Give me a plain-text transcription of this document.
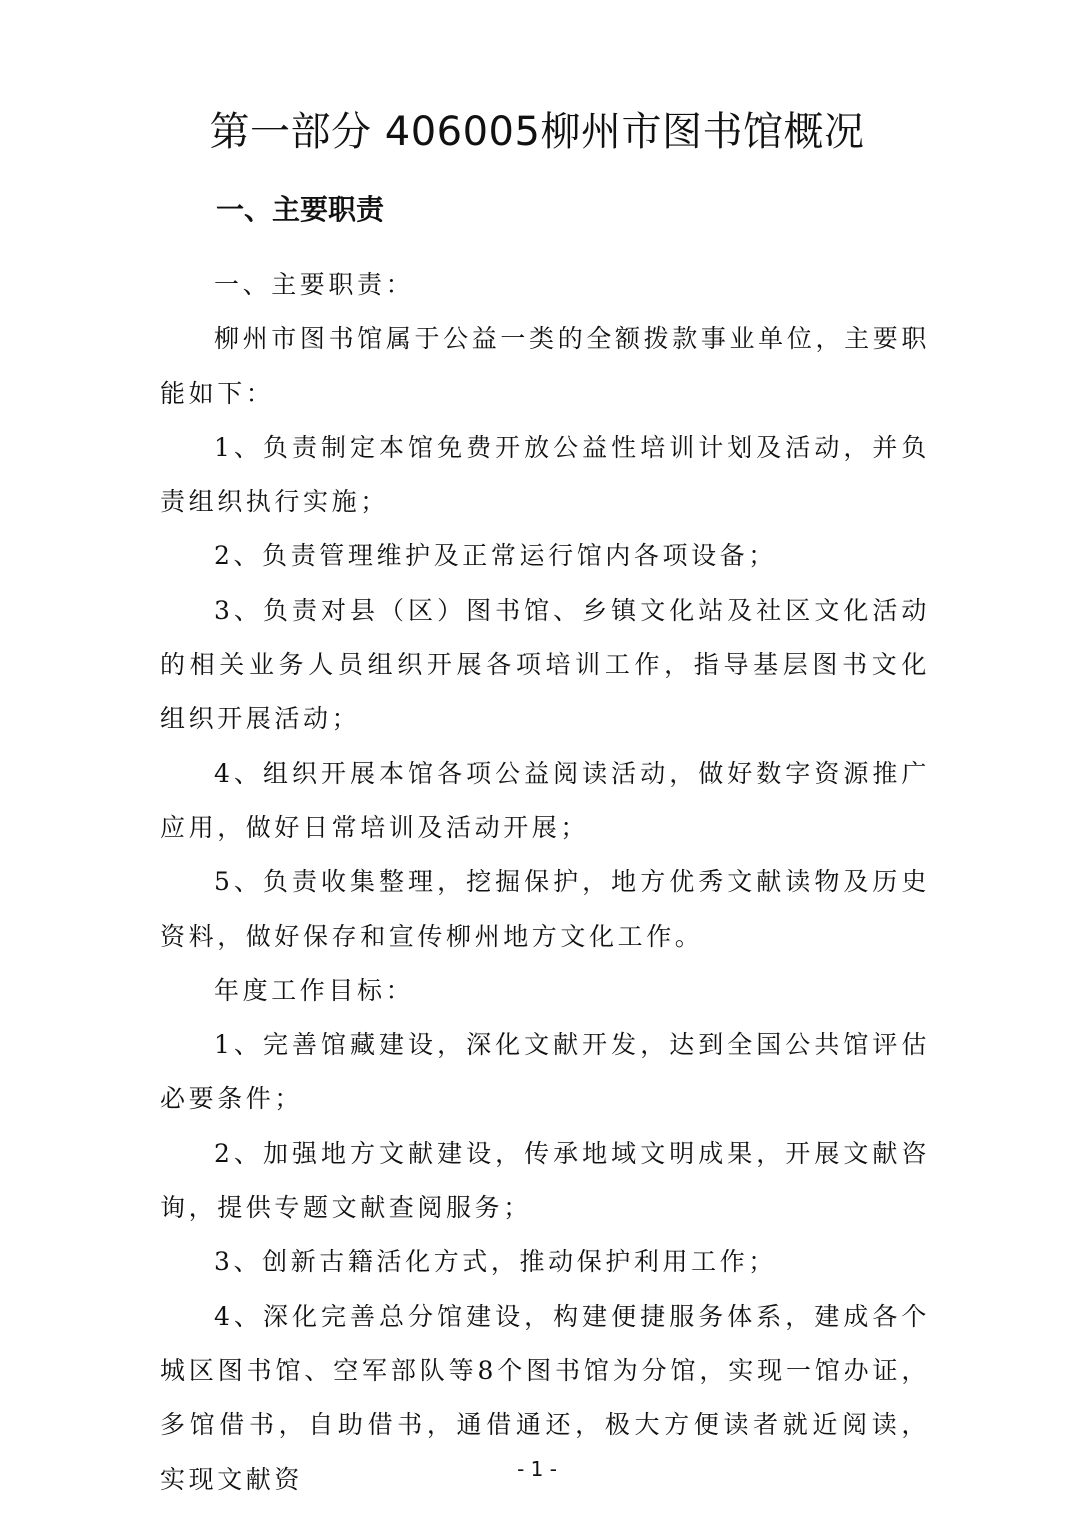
第一部分 406005柳州市图书馆概况
一、主要职责

一、主要职责：

柳州市图书馆属于公益一类的全额拨款事业单位，主要职能如下：

1、负责制定本馆免费开放公益性培训计划及活动，并负责组织执行实施；

2、负责管理维护及正常运行馆内各项设备；

3、负责对县（区）图书馆、乡镇文化站及社区文化活动的相关业务人员组织开展各项培训工作，指导基层图书文化组织开展活动；

4、组织开展本馆各项公益阅读活动，做好数字资源推广应用，做好日常培训及活动开展；

5、负责收集整理，挖掘保护，地方优秀文献读物及历史资料，做好保存和宣传柳州地方文化工作。

年度工作目标：

1、完善馆藏建设，深化文献开发，达到全国公共馆评估必要条件；

2、加强地方文献建设，传承地域文明成果，开展文献咨询，提供专题文献查阅服务；

3、创新古籍活化方式，推动保护利用工作；

4、深化完善总分馆建设，构建便捷服务体系，建成各个城区图书馆、空军部队等8个图书馆为分馆，实现一馆办证，多馆借书，自助借书，通借通还，极大方便读者就近阅读，实现文献资	- 1 -
